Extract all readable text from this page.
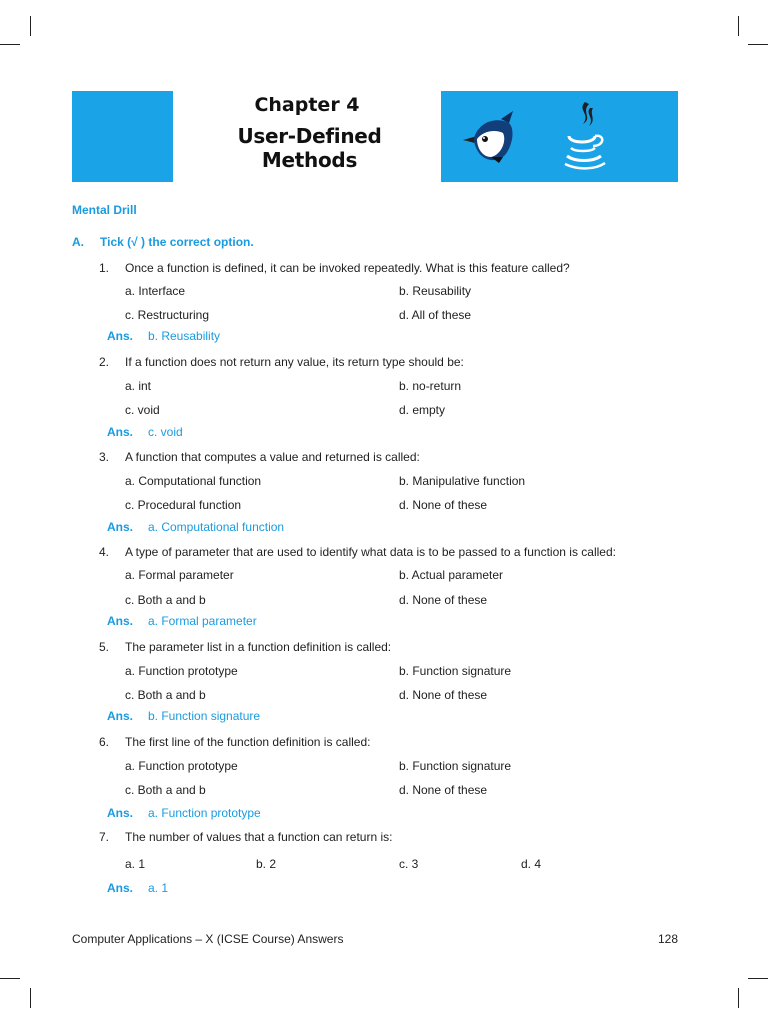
Chapter 4
User-Defined Methods
Mental Drill
A. Tick (√ ) the correct option.
1. Once a function is defined, it can be invoked repeatedly. What is this feature called?
a. Interface	b. Reusability
c. Restructuring	d. All of these
Ans. b. Reusability
2. If a function does not return any value, its return type should be:
a. int	b. no-return
c. void	d. empty
Ans. c. void
3. A function that computes a value and returned is called:
a. Computational function	b. Manipulative function
c. Procedural function	d. None of these
Ans. a. Computational function
4. A type of parameter that are used to identify what data is to be passed to a function is called:
a. Formal parameter	b. Actual parameter
c. Both a and b	d. None of these
Ans. a. Formal parameter
5. The parameter list in a function definition is called:
a. Function prototype	b. Function signature
c. Both a and b	d. None of these
Ans. b. Function signature
6. The first line of the function definition is called:
a. Function prototype	b. Function signature
c. Both a and b	d. None of these
Ans. a. Function prototype
7. The number of values that a function can return is:
a. 1	b. 2	c. 3	d. 4
Ans. a. 1
Computer Applications – X (ICSE Course) Answers	128
